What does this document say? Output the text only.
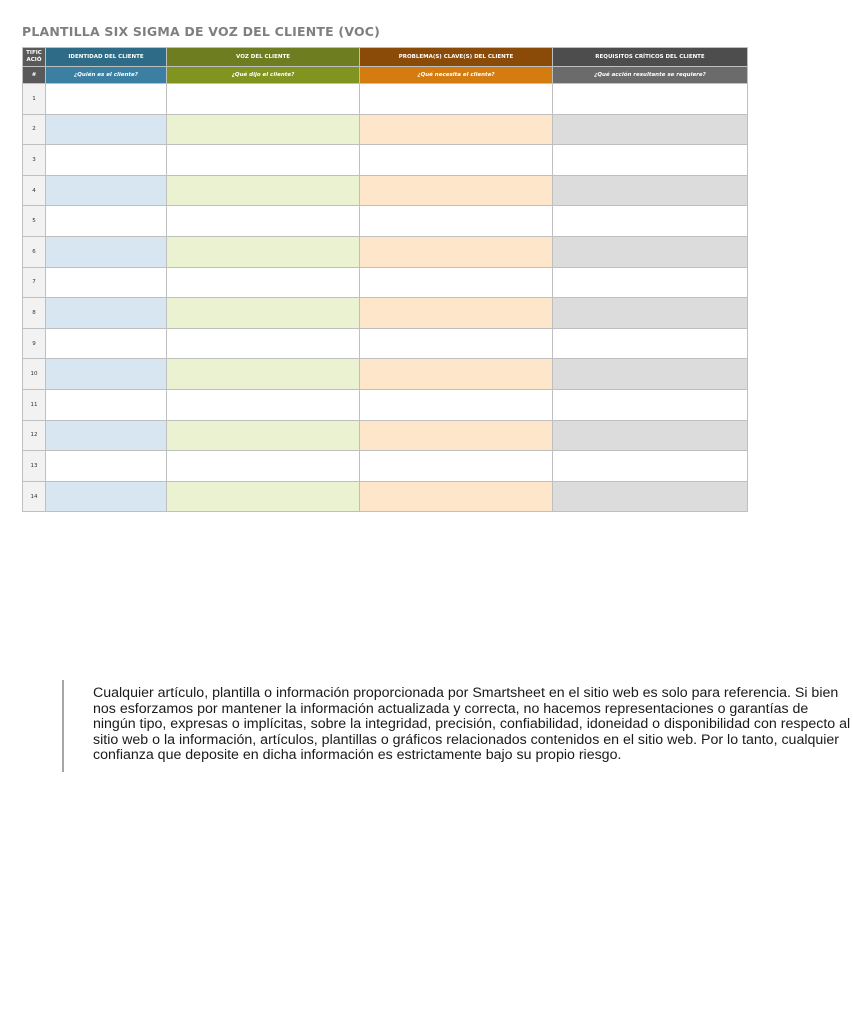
PLANTILLA SIX SIGMA DE VOZ DEL CLIENTE (VOC)
TIFIC ACIÓ	IDENTIDAD DEL CLIENTE	VOZ DEL CLIENTE	PROBLEMA(S) CLAVE(S) DEL CLIENTE	REQUISITOS CRÍTICOS DEL CLIENTE
#	¿Quién es el cliente?	¿Qué dijo el cliente?	¿Qué necesita el cliente?	¿Qué acción resultante se requiere?
1				
2				
3				
4				
5				
6				
7				
8				
9				
10				
11				
12				
13				
14				
Cualquier artículo, plantilla o información proporcionada por Smartsheet en el sitio web es solo para referencia. Si bien nos esforzamos por mantener la información actualizada y correcta, no hacemos representaciones o garantías de ningún tipo, expresas o implícitas, sobre la integridad, precisión, confiabilidad, idoneidad o disponibilidad con respecto al sitio web o la información, artículos, plantillas o gráficos relacionados contenidos en el sitio web. Por lo tanto, cualquier confianza que deposite en dicha información es estrictamente bajo su propio riesgo.
